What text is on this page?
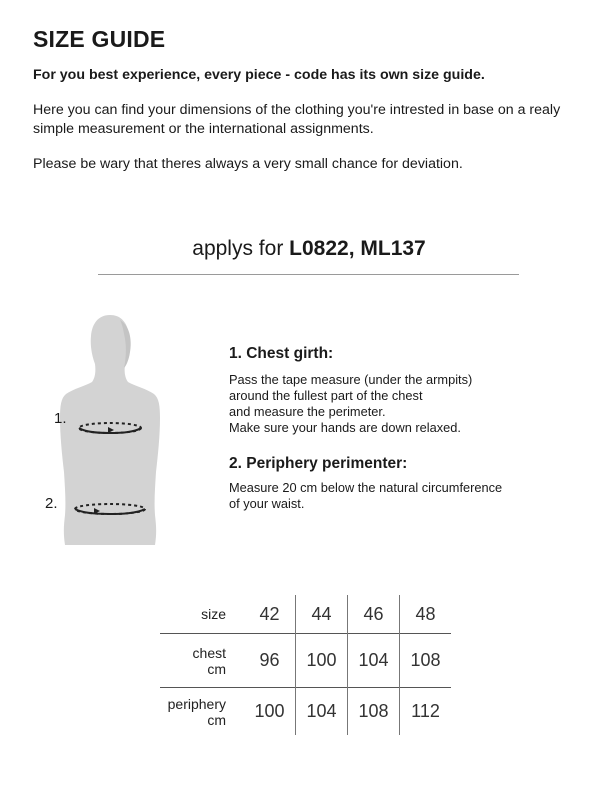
SIZE GUIDE

For you best experience, every piece - code has its own size guide.

Here you can find your dimensions of the clothing you're intrested in base on a realy simple measurement or the international assignments.

Please be wary that theres always a very small chance for deviation.

applys for L0822, ML137

1.
2.
1. Chest girth:

Pass the tape measure (under the armpits)
around the fullest part of the chest
and measure the perimeter.
Make sure your hands are down relaxed.

2. Periphery perimenter:

Measure 20 cm below the natural circumference
of your waist.

size	42	44	46	48
chest
cm	96	100	104	108
periphery
cm	100	104	108	112
